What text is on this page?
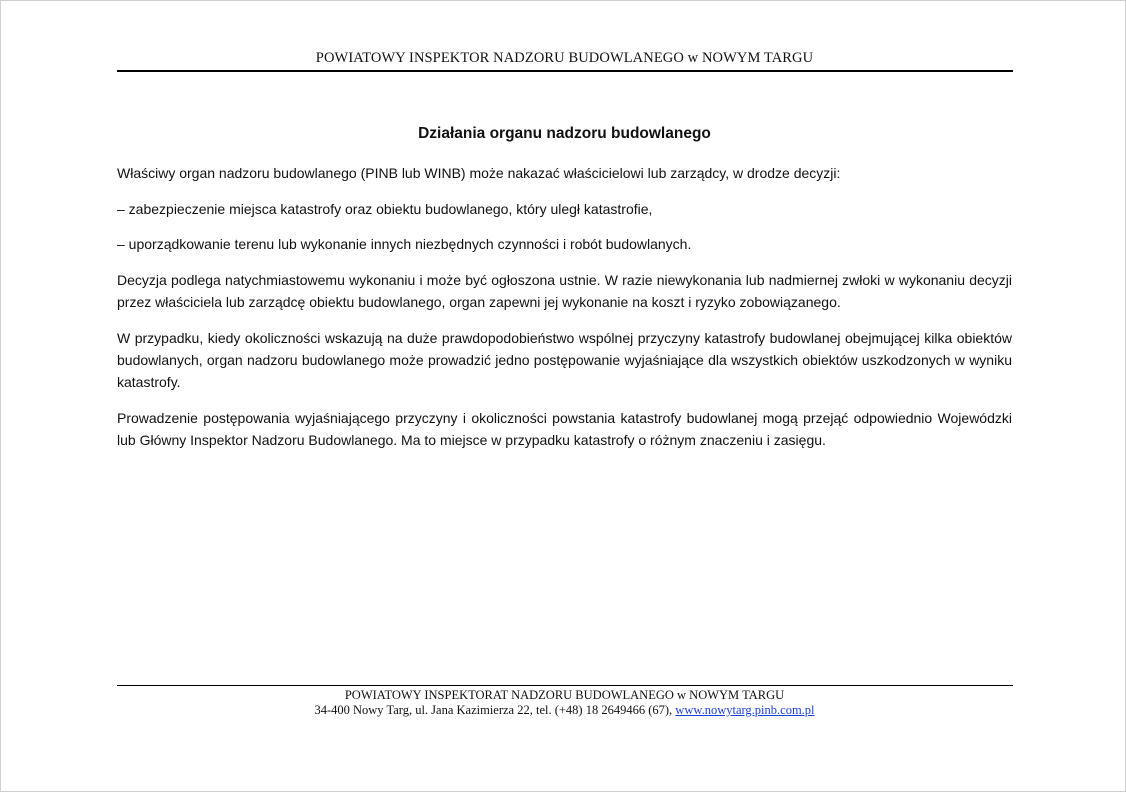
POWIATOWY INSPEKTOR NADZORU BUDOWLANEGO w NOWYM TARGU
Działania organu nadzoru budowlanego

Właściwy organ nadzoru budowlanego (PINB lub WINB) może nakazać właścicielowi lub zarządcy, w drodze decyzji:

– zabezpieczenie miejsca katastrofy oraz obiektu budowlanego, który uległ katastrofie,

– uporządkowanie terenu lub wykonanie innych niezbędnych czynności i robót budowlanych.

Decyzja podlega natychmiastowemu wykonaniu i może być ogłoszona ustnie. W razie niewykonania lub nadmiernej zwłoki w wykonaniu decyzji przez właściciela lub zarządcę obiektu budowlanego, organ zapewni jej wykonanie na koszt i ryzyko zobowiązanego.

W przypadku, kiedy okoliczności wskazują na duże prawdopodobieństwo wspólnej przyczyny katastrofy budowlanej obejmującej kilka obiektów budowlanych, organ nadzoru budowlanego może prowadzić jedno postępowanie wyjaśniające dla wszystkich obiektów uszkodzonych w wyniku katastrofy.

Prowadzenie postępowania wyjaśniającego przyczyny i okoliczności powstania katastrofy budowlanej mogą przejąć odpowiednio Wojewódzki lub Główny Inspektor Nadzoru Budowlanego. Ma to miejsce w przypadku katastrofy o różnym znaczeniu i zasięgu.

POWIATOWY INSPEKTORAT NADZORU BUDOWLANEGO w NOWYM TARGU
34-400 Nowy Targ, ul. Jana Kazimierza 22, tel. (+48) 18 2649466 (67), www.nowytarg.pinb.com.pl
